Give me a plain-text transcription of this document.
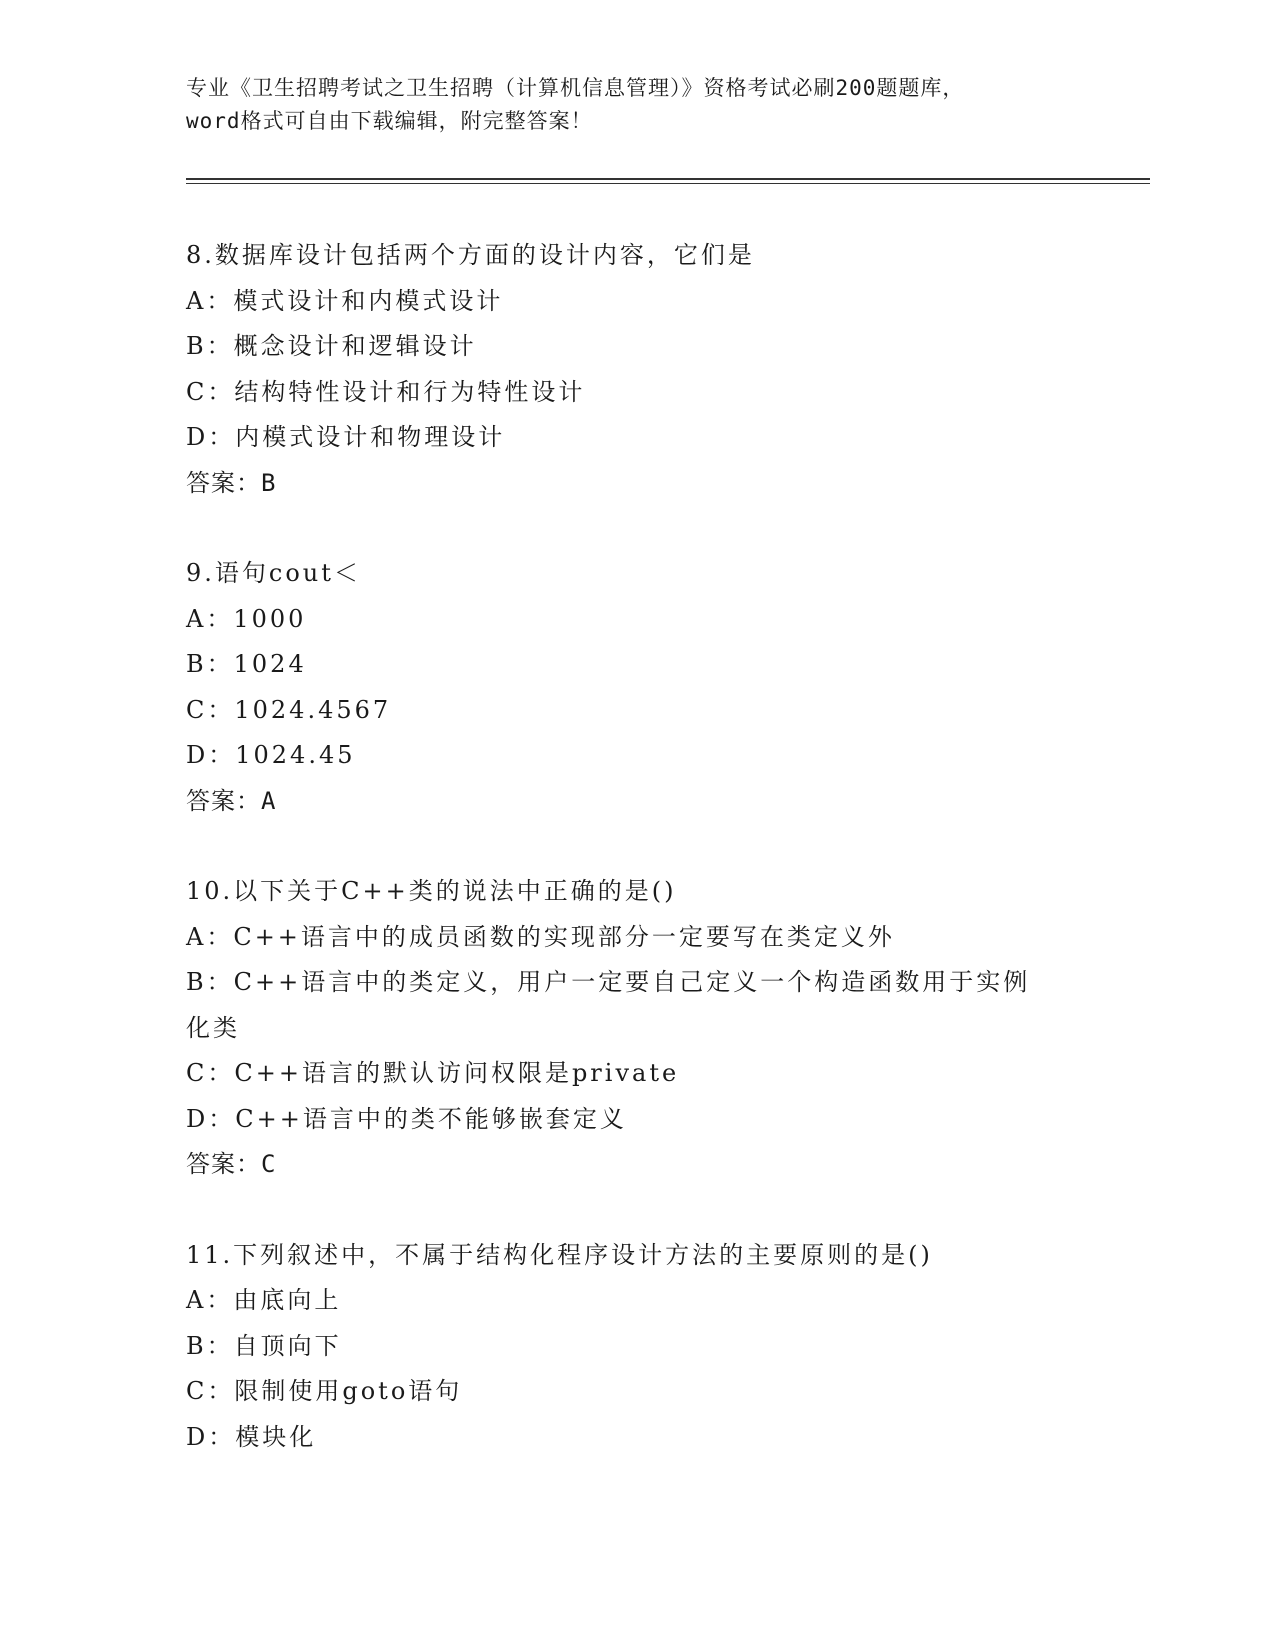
专业《卫生招聘考试之卫生招聘（计算机信息管理）》资格考试必刷200题题库，
word格式可自由下载编辑，附完整答案！
8.数据库设计包括两个方面的设计内容，它们是
A：模式设计和内模式设计
B：概念设计和逻辑设计
C：结构特性设计和行为特性设计
D：内模式设计和物理设计
答案：B
9.语句cout＜
A：1000
B：1024
C：1024.4567
D：1024.45
答案：A
10.以下关于C++类的说法中正确的是()
A：C++语言中的成员函数的实现部分一定要写在类定义外
B：C++语言中的类定义，用户一定要自己定义一个构造函数用于实例化类
C：C++语言的默认访问权限是private
D：C++语言中的类不能够嵌套定义
答案：C
11.下列叙述中，不属于结构化程序设计方法的主要原则的是()
A：由底向上
B：自顶向下
C：限制使用goto语句
D：模块化
